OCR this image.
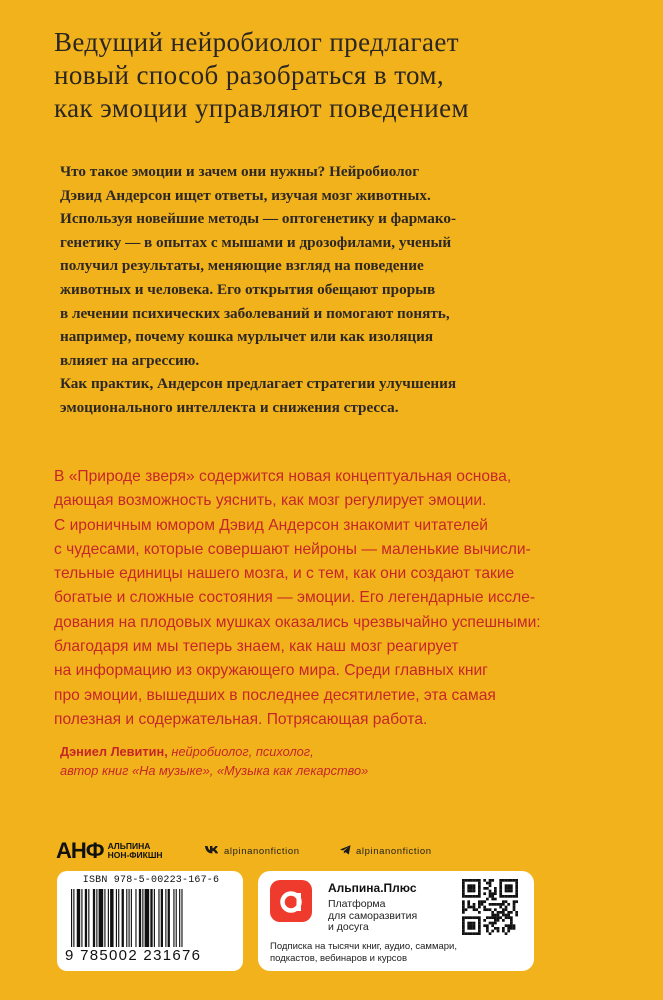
Ведущий нейробиолог предлагает
новый способ разобраться в том,
как эмоции управляют поведением

Что такое эмоции и зачем они нужны? Нейробиолог
Дэвид Андерсон ищет ответы, изучая мозг животных.
Используя новейшие методы — оптогенетику и фармако-
генетику — в опытах с мышами и дрозофилами, ученый
получил результаты, меняющие взгляд на поведение
животных и человека. Его открытия обещают прорыв
в лечении психических заболеваний и помогают понять,
например, почему кошка мурлычет или как изоляция
влияет на агрессию.

Как практик, Андерсон предлагает стратегии улучшения
эмоционального интеллекта и снижения стресса.

В «Природе зверя» содержится новая концептуальная основа,
дающая возможность уяснить, как мозг регулирует эмоции.
С ироничным юмором Дэвид Андерсон знакомит читателей
с чудесами, которые совершают нейроны — маленькие вычисли-
тельные единицы нашего мозга, и с тем, как они создают такие
богатые и сложные состояния — эмоции. Его легендарные иссле-
дования на плодовых мушках оказались чрезвычайно успешными:
благодаря им мы теперь знаем, как наш мозг реагирует
на информацию из окружающего мира. Среди главных книг
про эмоции, вышедших в последнее десятилетие, эта самая
полезная и содержательная. Потрясающая работа.
Дэниел Левитин, нейробиолог, психолог,
автор книг «На музыке», «Музыка как лекарство»
АНФ АЛЬПИНА
НОН-ФИКШН	alpinanonfiction	alpinanonfiction
ISBN 978-5-00223-167-6
9 785002 231676
Альпина.Плюс
Платформа
для саморазвития
и досуга
Подписка на тысячи книг, аудио, саммари,
подкастов, вебинаров и курсов
